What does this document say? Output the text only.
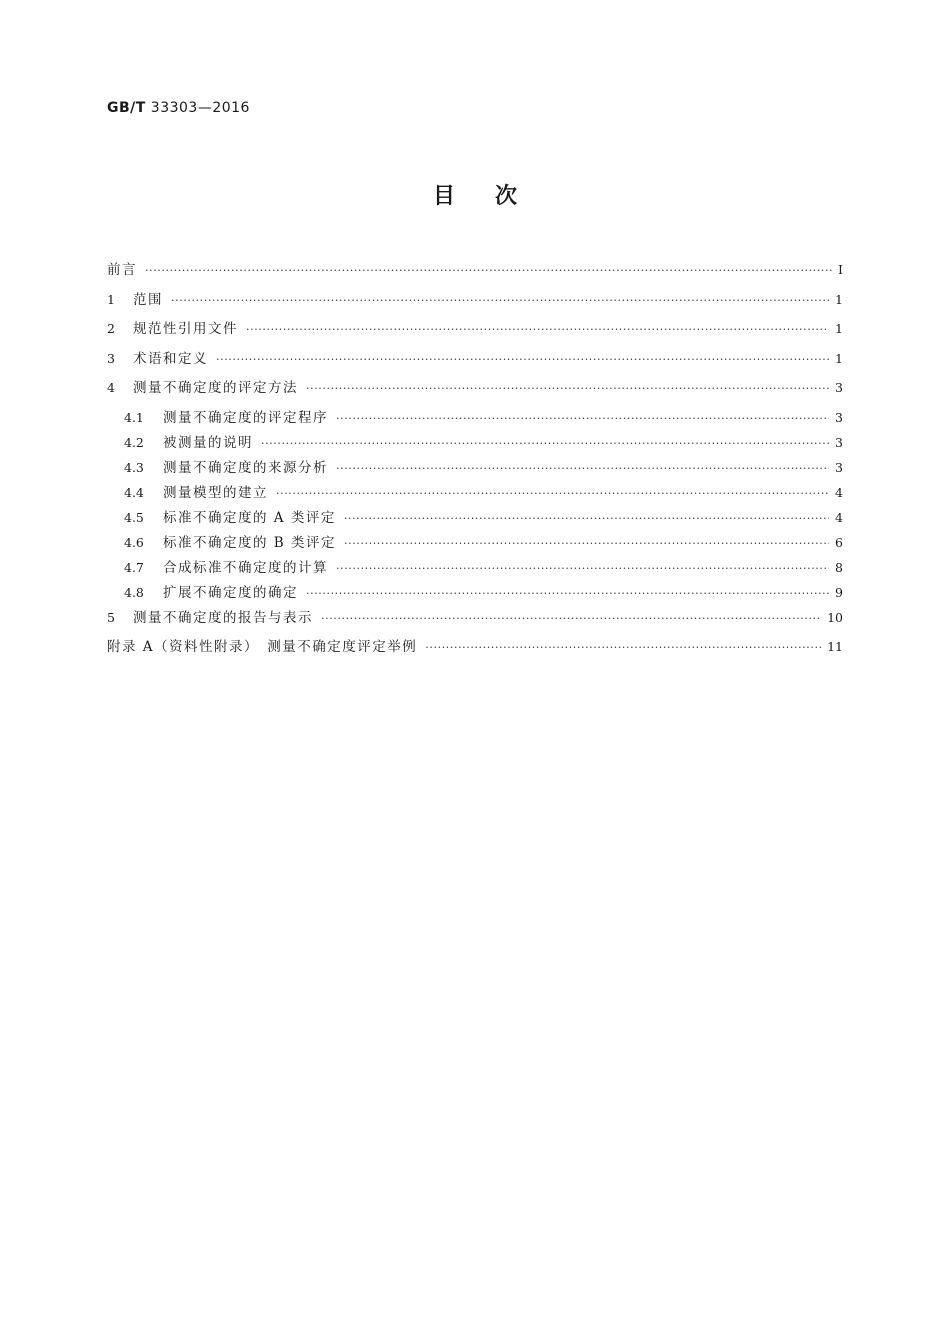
GB/T 33303—2016
目次
前言 ·····	Ⅰ
1	范围 ·····	1
2	规范性引用文件 ·····	1
3	术语和定义 ·····	1
4	测量不确定度的评定方法 ·····	3
4.1	测量不确定度的评定程序 ·····	3
4.2	被测量的说明 ·····	3
4.3	测量不确定度的来源分析 ·····	3
4.4	测量模型的建立 ·····	4
4.5	标准不确定度的 A 类评定 ·····	4
4.6	标准不确定度的 B 类评定 ·····	6
4.7	合成标准不确定度的计算 ·····	8
4.8	扩展不确定度的确定 ·····	9
5	测量不确定度的报告与表示 ·····	10
附录 A（资料性附录）　测量不确定度评定举例 ·····	11
